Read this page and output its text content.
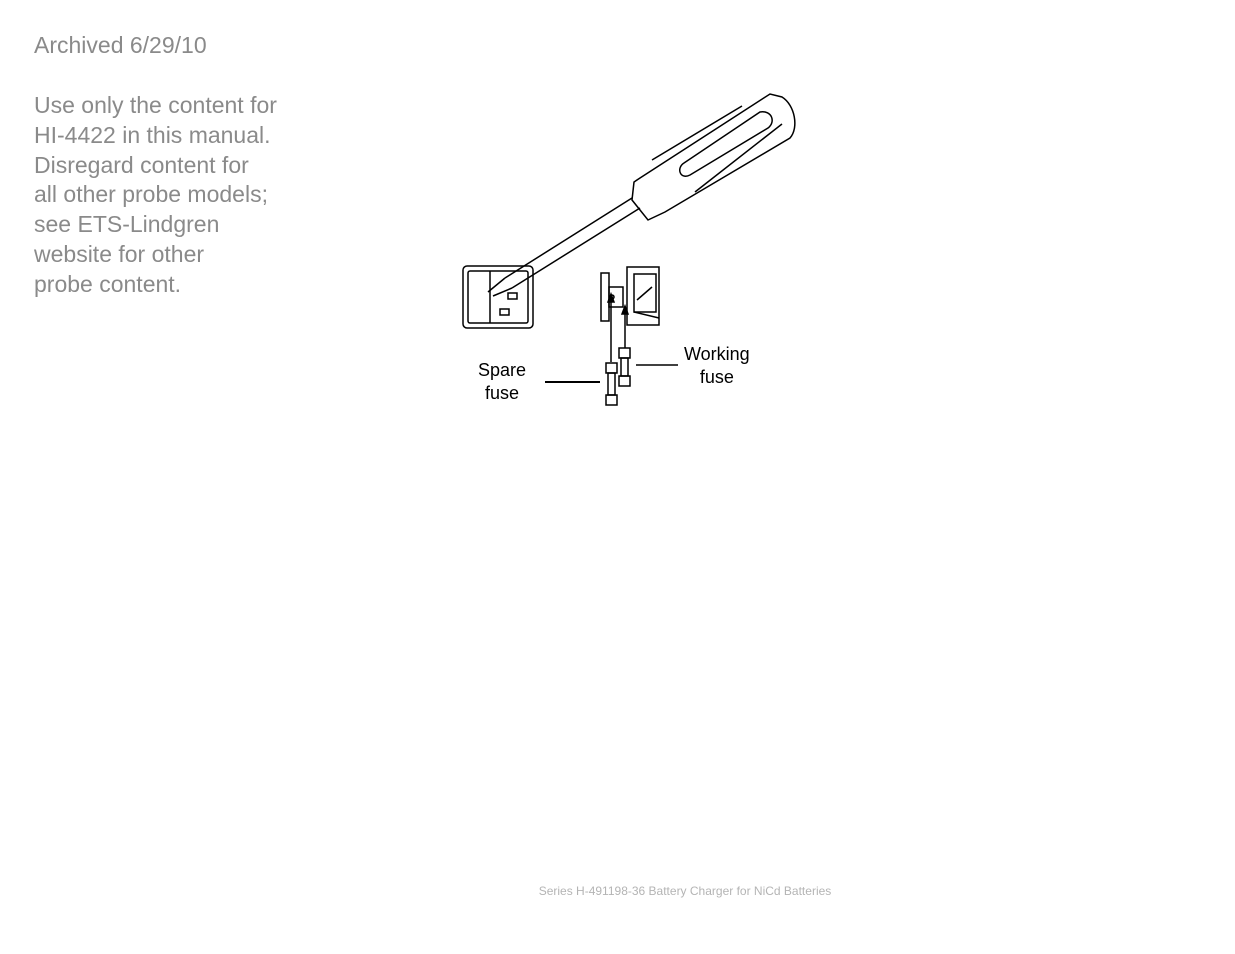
Archived 6/29/10
Use only the content for
HI-4422 in this manual.
Disregard content for
all other probe models;
see ETS-Lindgren
website for other
probe content.
Spare
fuse
Working
fuse
Series H-491198-36 Battery Charger for NiCd Batteries
